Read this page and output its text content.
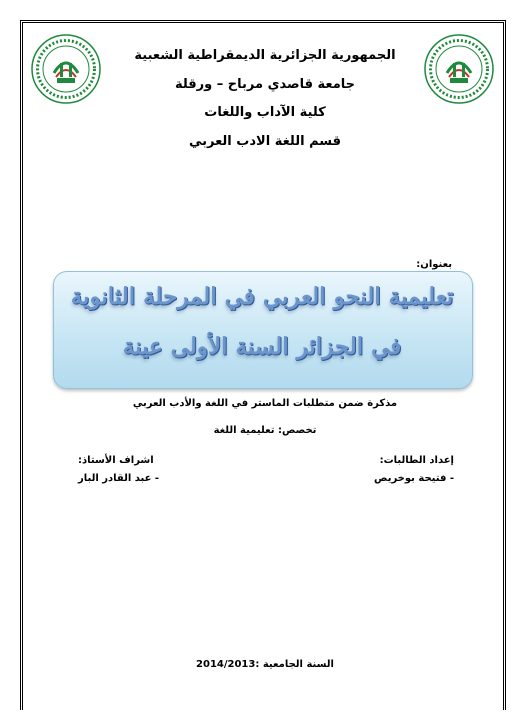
الجمهورية الجزائرية الديمقراطية الشعبية
جامعة قاصدي مرباح – ورقلة
كلية الآداب واللغات
قسم اللغة الادب العربي
بعنوان:
تعليمية النحو العربي في المرحلة الثانوية
في الجزائر السنة الأولى عينة
مذكرة ضمن متطلبات الماستر في اللغة والأدب العربي
تخصص: تعليمية اللغة
إعداد الطالبات:
- فتيحة بوخريص
اشراف الأستاذ:
- عبد القادر البار
السنة الجامعية :2014/2013
